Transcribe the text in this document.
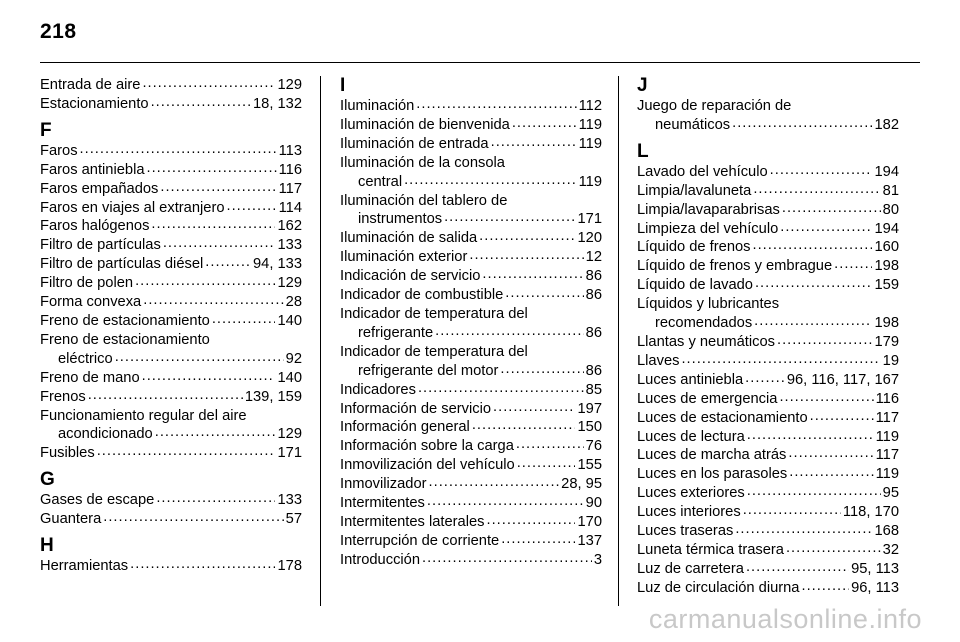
218
Entrada de aire .....	129
Estacionamiento .....	18, 132
F
Faros .....	113
Faros antiniebla .....	116
Faros empañados .....	117
Faros en viajes al extranjero .....	114
Faros halógenos .....	162
Filtro de partículas .....	133
Filtro de partículas diésel .....	94, 133
Filtro de polen .....	129
Forma convexa .....	28
Freno de estacionamiento .....	140
Freno de estacionamiento
eléctrico .....	92
Freno de mano .....	140
Frenos .....	139, 159
Funcionamiento regular del aire
acondicionado .....	129
Fusibles .....	171
G
Gases de escape .....	133
Guantera .....	57
H
Herramientas .....	178
I
Iluminación .....	112
Iluminación de bienvenida .....	119
Iluminación de entrada .....	119
Iluminación de la consola
central .....	119
Iluminación del tablero de
instrumentos .....	171
Iluminación de salida .....	120
Iluminación exterior .....	12
Indicación de servicio .....	86
Indicador de combustible .....	86
Indicador de temperatura del
refrigerante .....	86
Indicador de temperatura del
refrigerante del motor .....	86
Indicadores .....	85
Información de servicio .....	197
Información general .....	150
Información sobre la carga .....	76
Inmovilización del vehículo .....	155
Inmovilizador .....	28, 95
Intermitentes .....	90
Intermitentes laterales .....	170
Interrupción de corriente .....	137
Introducción .....	3
J
Juego de reparación de
neumáticos .....	182
L
Lavado del vehículo .....	194
Limpia/lavaluneta .....	81
Limpia/lavaparabrisas .....	80
Limpieza del vehículo .....	194
Líquido de frenos .....	160
Líquido de frenos y embrague .....	198
Líquido de lavado .....	159
Líquidos y lubricantes
recomendados .....	198
Llantas y neumáticos .....	179
Llaves .....	19
Luces antiniebla .....	96, 116, 117, 167
Luces de emergencia .....	116
Luces de estacionamiento .....	117
Luces de lectura .....	119
Luces de marcha atrás .....	117
Luces en los parasoles .....	119
Luces exteriores .....	95
Luces interiores .....	118, 170
Luces traseras .....	168
Luneta térmica trasera .....	32
Luz de carretera .....	95, 113
Luz de circulación diurna .....	96, 113
carmanualsonline.info
